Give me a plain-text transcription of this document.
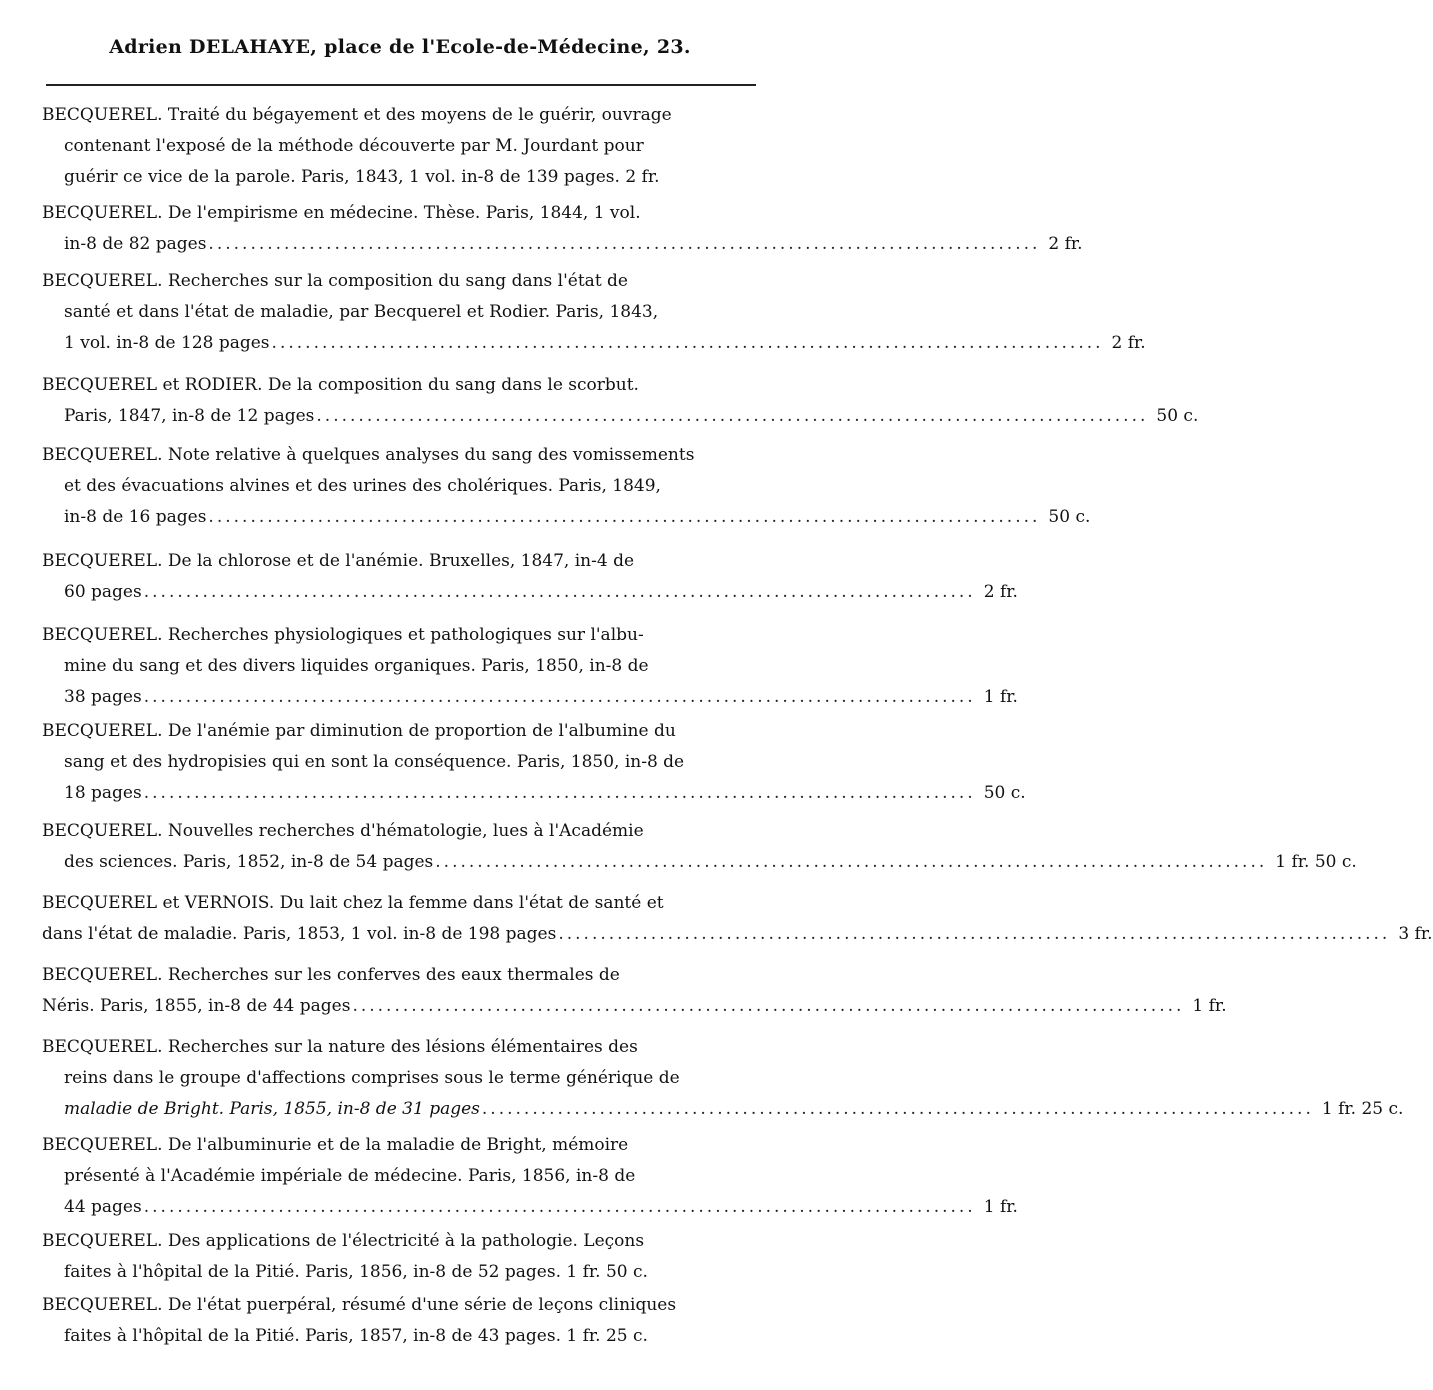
Adrien DELAHAYE, place de l'Ecole-de-Médecine, 23.
BECQUEREL. Traité du bégayement et des moyens de le guérir, ouvrage
contenant l'exposé de la méthode découverte par M. Jourdant pour
guérir ce vice de la parole. Paris, 1843, 1 vol. in-8 de 139 pages. 2 fr.
BECQUEREL. De l'empirisme en médecine. Thèse. Paris, 1844, 1 vol.
in-8 de 82 pages ................................................................................................... 2 fr.
BECQUEREL. Recherches sur la composition du sang dans l'état de
santé et dans l'état de maladie, par Becquerel et Rodier. Paris, 1843,
1 vol. in-8 de 128 pages ................................................................................................... 2 fr.
BECQUEREL et RODIER. De la composition du sang dans le scorbut.
Paris, 1847, in-8 de 12 pages ................................................................................................... 50 c.
BECQUEREL. Note relative à quelques analyses du sang des vomissements
et des évacuations alvines et des urines des cholériques. Paris, 1849,
in-8 de 16 pages ................................................................................................... 50 c.
BECQUEREL. De la chlorose et de l'anémie. Bruxelles, 1847, in-4 de
60 pages ................................................................................................... 2 fr.
BECQUEREL. Recherches physiologiques et pathologiques sur l'albu-
mine du sang et des divers liquides organiques. Paris, 1850, in-8 de
38 pages ................................................................................................... 1 fr.
BECQUEREL. De l'anémie par diminution de proportion de l'albumine du
sang et des hydropisies qui en sont la conséquence. Paris, 1850, in-8 de
18 pages ................................................................................................... 50 c.
BECQUEREL. Nouvelles recherches d'hématologie, lues à l'Académie
des sciences. Paris, 1852, in-8 de 54 pages ................................................................................................... 1 fr. 50 c.
BECQUEREL et VERNOIS. Du lait chez la femme dans l'état de santé et
dans l'état de maladie. Paris, 1853, 1 vol. in-8 de 198 pages ................................................................................................... 3 fr.
BECQUEREL. Recherches sur les conferves des eaux thermales de
Néris. Paris, 1855, in-8 de 44 pages ................................................................................................... 1 fr.
BECQUEREL. Recherches sur la nature des lésions élémentaires des
reins dans le groupe d'affections comprises sous le terme générique de
maladie de Bright. Paris, 1855, in-8 de 31 pages ................................................................................................... 1 fr. 25 c.
BECQUEREL. De l'albuminurie et de la maladie de Bright, mémoire
présenté à l'Académie impériale de médecine. Paris, 1856, in-8 de
44 pages ................................................................................................... 1 fr.
BECQUEREL. Des applications de l'électricité à la pathologie. Leçons
faites à l'hôpital de la Pitié. Paris, 1856, in-8 de 52 pages. 1 fr. 50 c.
BECQUEREL. De l'état puerpéral, résumé d'une série de leçons cliniques
faites à l'hôpital de la Pitié. Paris, 1857, in-8 de 43 pages. 1 fr. 25 c.
